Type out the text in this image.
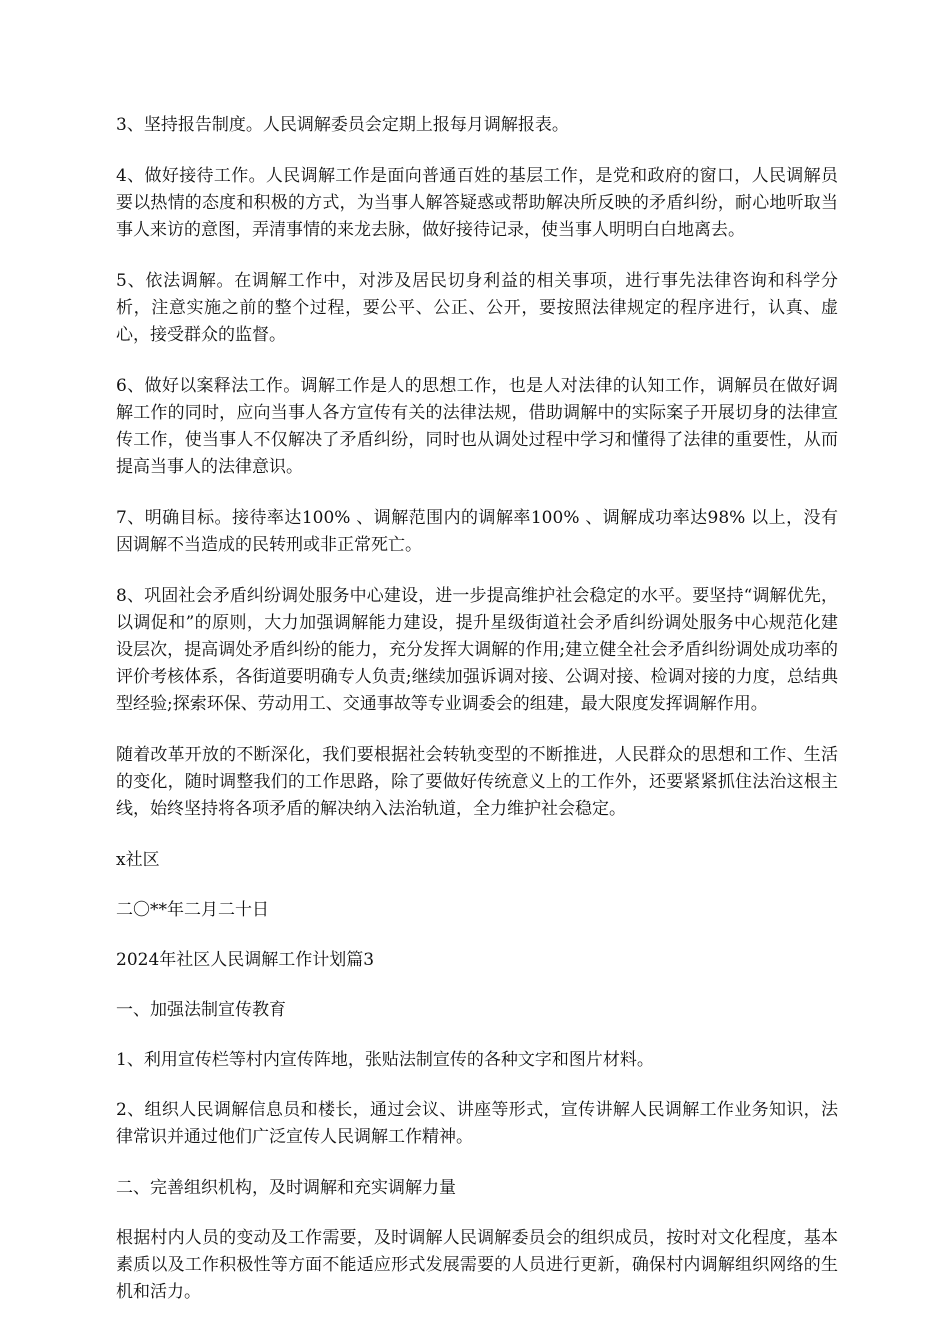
3、坚持报告制度。人民调解委员会定期上报每月调解报表。

4、做好接待工作。人民调解工作是面向普通百姓的基层工作，是党和政府的窗口，人民调解员要以热情的态度和积极的方式，为当事人解答疑惑或帮助解决所反映的矛盾纠纷，耐心地听取当事人来访的意图，弄清事情的来龙去脉，做好接待记录，使当事人明明白白地离去。

5、依法调解。在调解工作中，对涉及居民切身利益的相关事项，进行事先法律咨询和科学分析，注意实施之前的整个过程，要公平、公正、公开，要按照法律规定的程序进行，认真、虚心，接受群众的监督。

6、做好以案释法工作。调解工作是人的思想工作，也是人对法律的认知工作，调解员在做好调解工作的同时，应向当事人各方宣传有关的法律法规，借助调解中的实际案子开展切身的法律宣传工作，使当事人不仅解决了矛盾纠纷，同时也从调处过程中学习和懂得了法律的重要性，从而提高当事人的法律意识。

7、明确目标。接待率达100% 、调解范围内的调解率100% 、调解成功率达98% 以上，没有因调解不当造成的民转刑或非正常死亡。

8、巩固社会矛盾纠纷调处服务中心建设，进一步提高维护社会稳定的水平。要坚持“调解优先，以调促和”的原则，大力加强调解能力建设，提升星级街道社会矛盾纠纷调处服务中心规范化建设层次，提高调处矛盾纠纷的能力，充分发挥大调解的作用;建立健全社会矛盾纠纷调处成功率的评价考核体系，各街道要明确专人负责;继续加强诉调对接、公调对接、检调对接的力度，总结典型经验;探索环保、劳动用工、交通事故等专业调委会的组建，最大限度发挥调解作用。

随着改革开放的不断深化，我们要根据社会转轨变型的不断推进，人民群众的思想和工作、生活的变化，随时调整我们的工作思路，除了要做好传统意义上的工作外，还要紧紧抓住法治这根主线，始终坚持将各项矛盾的解决纳入法治轨道，全力维护社会稳定。

x社区

二〇**年二月二十日

2024年社区人民调解工作计划篇3

一、加强法制宣传教育

1、利用宣传栏等村内宣传阵地，张贴法制宣传的各种文字和图片材料。

2、组织人民调解信息员和楼长，通过会议、讲座等形式，宣传讲解人民调解工作业务知识，法律常识并通过他们广泛宣传人民调解工作精神。

二、完善组织机构，及时调解和充实调解力量

根据村内人员的变动及工作需要，及时调解人民调解委员会的组织成员，按时对文化程度，基本素质以及工作积极性等方面不能适应形式发展需要的人员进行更新，确保村内调解组织网络的生机和活力。
